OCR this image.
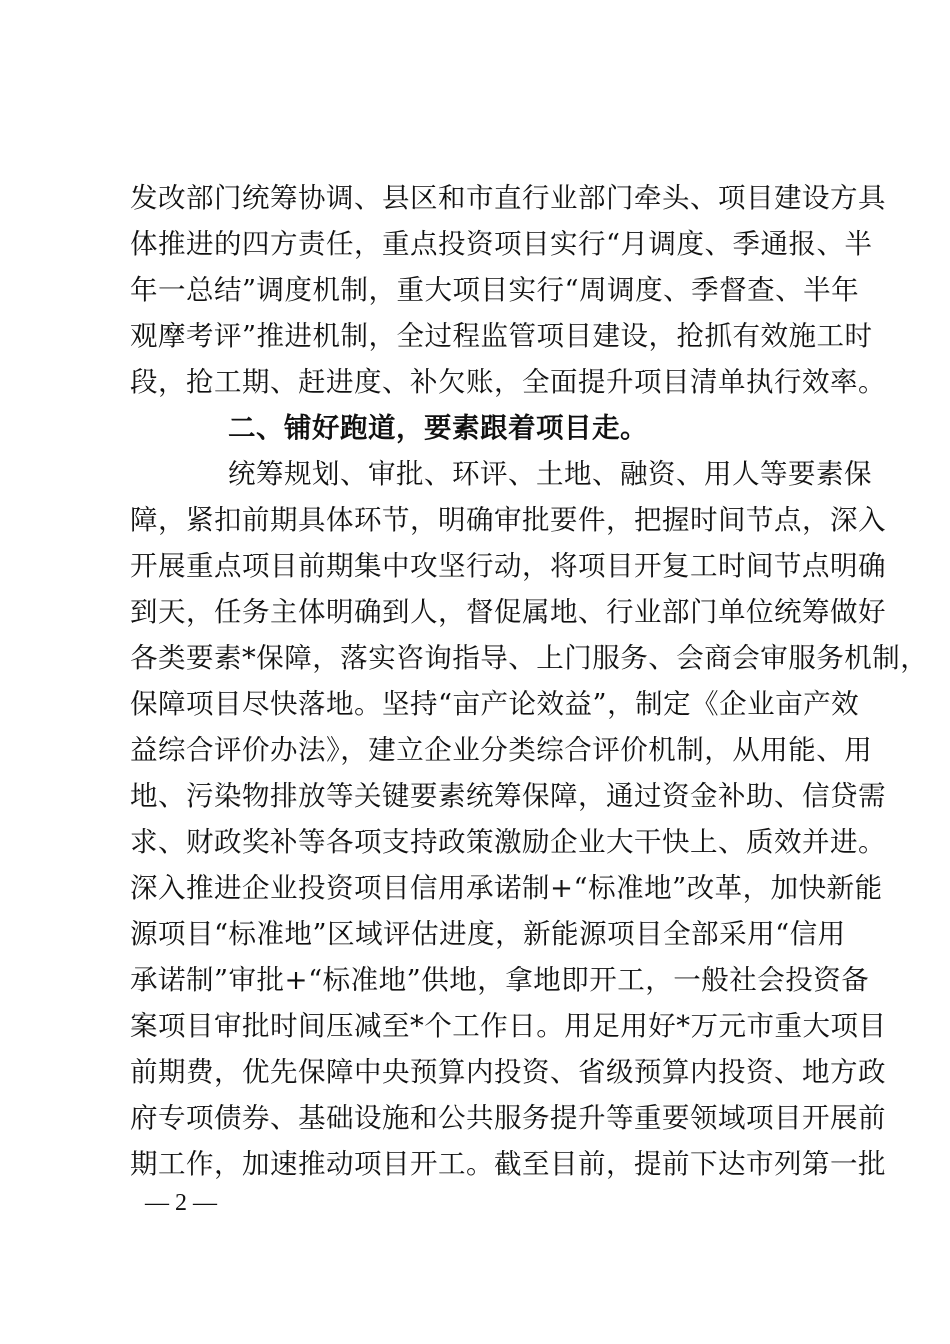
发改部门统筹协调、县区和市直行业部门牵头、项目建设方具
体推进的四方责任，重点投资项目实行“月调度、季通报、半
年一总结”调度机制，重大项目实行“周调度、季督查、半年
观摩考评”推进机制，全过程监管项目建设，抢抓有效施工时
段，抢工期、赶进度、补欠账，全面提升项目清单执行效率。
二、铺好跑道，要素跟着项目走。
统筹规划、审批、环评、土地、融资、用人等要素保
障，紧扣前期具体环节，明确审批要件，把握时间节点，深入
开展重点项目前期集中攻坚行动，将项目开复工时间节点明确
到天，任务主体明确到人，督促属地、行业部门单位统筹做好
各类要素*保障，落实咨询指导、上门服务、会商会审服务机制，
保障项目尽快落地。坚持“亩产论效益”，制定《企业亩产效
益综合评价办法》，建立企业分类综合评价机制，从用能、用
地、污染物排放等关键要素统筹保障，通过资金补助、信贷需
求、财政奖补等各项支持政策激励企业大干快上、质效并进。
深入推进企业投资项目信用承诺制+“标准地”改革，加快新能
源项目“标准地”区域评估进度，新能源项目全部采用“信用
承诺制”审批+“标准地”供地，拿地即开工，一般社会投资备
案项目审批时间压减至*个工作日。用足用好*万元市重大项目
前期费，优先保障中央预算内投资、省级预算内投资、地方政
府专项债券、基础设施和公共服务提升等重要领域项目开展前
期工作，加速推动项目开工。截至目前，提前下达市列第一批
— 2 —
